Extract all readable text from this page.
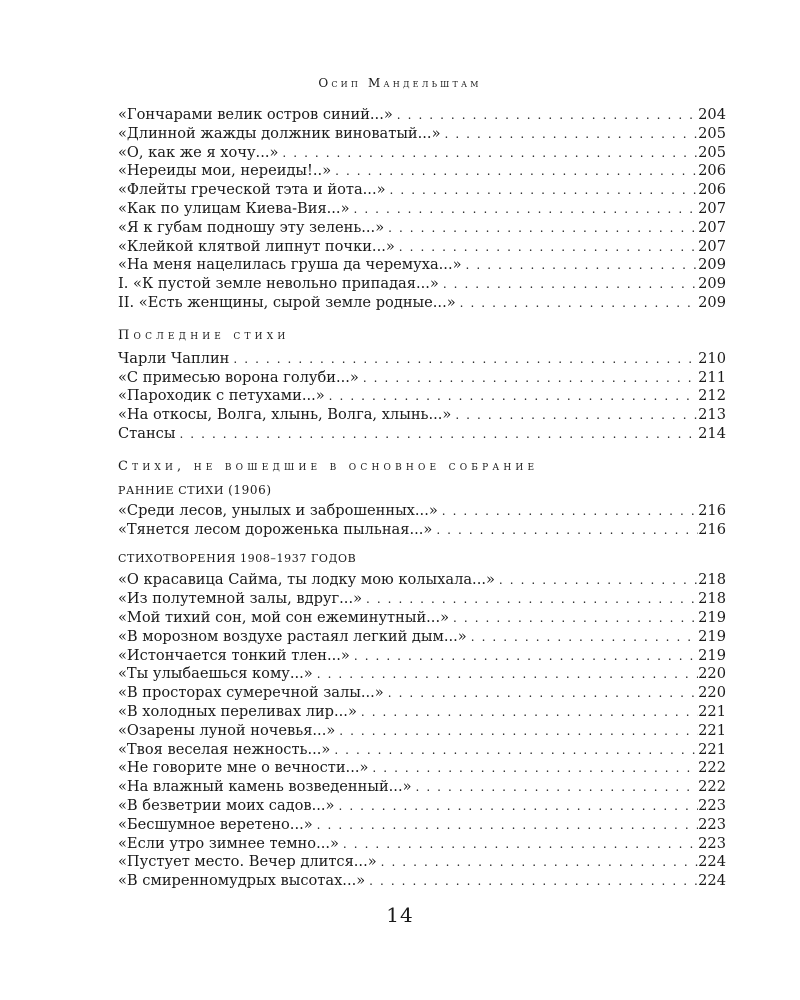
Осип Мандельштам
«Гончарами велик остров синий...» . . .	204
«Длинной жажды должник виноватый...» . . .	205
«О, как же я хочу...» . . .	205
«Нереиды мои, нереиды!..» . . .	206
«Флейты греческой тэта и йота...» . . .	206
«Как по улицам Киева-Вия...» . . .	207
«Я к губам подношу эту зелень...» . . .	207
«Клейкой клятвой липнут почки...» . . .	207
«На меня нацелилась груша да черемуха...» . . .	209
I. «К пустой земле невольно припадая...» . . .	209
II. «Есть женщины, сырой земле родные...» . . .	209
Последние стихи
Чарли Чаплин . . .	210
«С примесью ворона голуби...» . . .	211
«Пароходик с петухами...» . . .	212
«На откосы, Волга, хлынь, Волга, хлынь...» . . .	213
Стансы . . .	214
Стихи, не вошедшие в основное собрание
РАННИЕ СТИХИ (1906)
«Среди лесов, унылых и заброшенных...» . . .	216
«Тянется лесом дороженька пыльная...» . . .	216
СТИХОТВОРЕНИЯ 1908–1937 ГОДОВ
«О красавица Сайма, ты лодку мою колыхала...» . . .	218
«Из полутемной залы, вдруг...» . . .	218
«Мой тихий сон, мой сон ежеминутный...» . . .	219
«В морозном воздухе растаял легкий дым...» . . .	219
«Истончается тонкий тлен...» . . .	219
«Ты улыбаешься кому...» . . .	220
«В просторах сумеречной залы...» . . .	220
«В холодных переливах лир...» . . .	221
«Озарены луной ночевья...» . . .	221
«Твоя веселая нежность...» . . .	221
«Не говорите мне о вечности...» . . .	222
«На влажный камень возведенный...» . . .	222
«В безветрии моих садов...» . . .	223
«Бесшумное веретено...» . . .	223
«Если утро зимнее темно...» . . .	223
«Пустует место. Вечер длится...» . . .	224
«В смиренномудрых высотах...» . . .	224
14
